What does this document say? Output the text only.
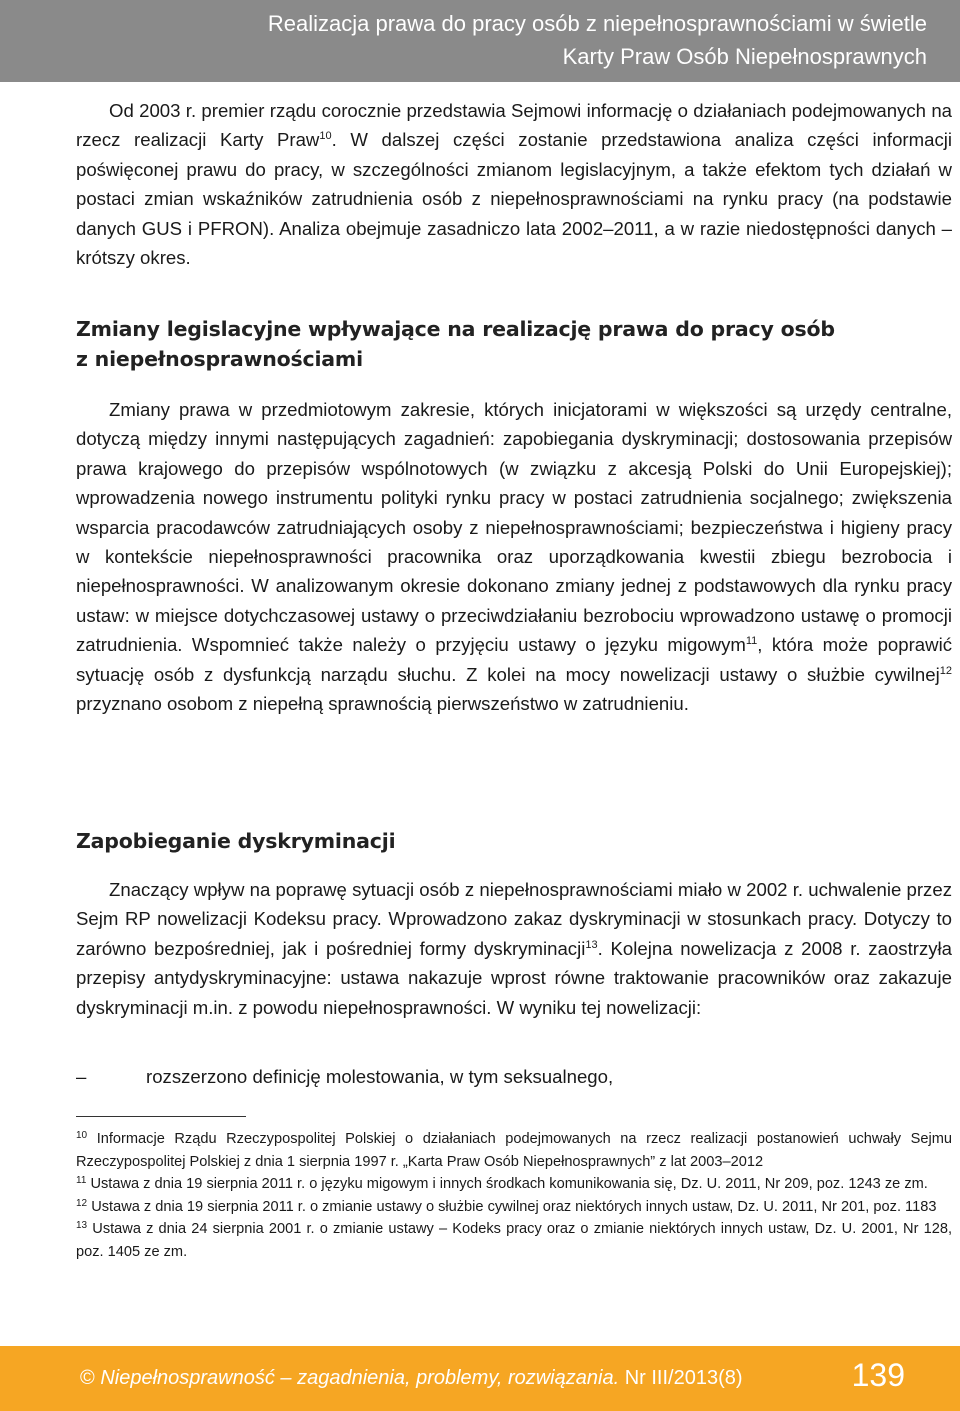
Realizacja prawa do pracy osób z niepełnosprawnościami w świetle
Karty Praw Osób Niepełnosprawnych

Od 2003 r. premier rządu corocznie przedstawia Sejmowi informację o działaniach podejmowanych na rzecz realizacji Karty Praw$^{10}$. W dalszej części zostanie przedstawiona analiza części informacji poświęconej prawu do pracy, w szczególności zmianom legislacyjnym, a także efektom tych działań w postaci zmian wskaźników zatrudnienia osób z niepełnosprawnościami na rynku pracy (na podstawie danych GUS i PFRON). Analiza obejmuje zasadniczo lata 2002–2011, a w razie niedostępności danych – krótszy okres.

Zmiany legislacyjne wpływające na realizację prawa do pracy osób
z niepełnosprawnościami

Zmiany prawa w przedmiotowym zakresie, których inicjatorami w większości są urzędy centralne, dotyczą między innymi następujących zagadnień: zapobiegania dyskryminacji; dostosowania przepisów prawa krajowego do przepisów wspólnotowych (w związku z akcesją Polski do Unii Europejskiej); wprowadzenia nowego instrumentu polityki rynku pracy w postaci zatrudnienia socjalnego; zwiększenia wsparcia pracodawców zatrudniających osoby z niepełnosprawnościami; bezpieczeństwa i higieny pracy w kontekście niepełnosprawności pracownika oraz uporządkowania kwestii zbiegu bezrobocia i niepełnosprawności. W analizowanym okresie dokonano zmiany jednej z podstawowych dla rynku pracy ustaw: w miejsce dotychczasowej ustawy o przeciwdziałaniu bezrobociu wprowadzono ustawę o promocji zatrudnienia. Wspomnieć także należy o przyjęciu ustawy o języku migowym$^{11}$, która może poprawić sytuację osób z dysfunkcją narządu słuchu. Z kolei na mocy nowelizacji ustawy o służbie cywilnej$^{12}$ przyznano osobom z niepełną sprawnością pierwszeństwo w zatrudnieniu.

Zapobieganie dyskryminacji

Znaczący wpływ na poprawę sytuacji osób z niepełnosprawnościami miało w 2002 r. uchwalenie przez Sejm RP nowelizacji Kodeksu pracy. Wprowadzono zakaz dyskryminacji w stosunkach pracy. Dotyczy to zarówno bezpośredniej, jak i pośredniej formy dyskryminacji$^{13}$. Kolejna nowelizacja z 2008 r. zaostrzyła przepisy antydyskryminacyjne: ustawa nakazuje wprost równe traktowanie pracowników oraz zakazuje dyskryminacji m.in. z powodu niepełnosprawności. W wyniku tej nowelizacji:

–	rozszerzono definicję molestowania, w tym seksualnego,
$^{10}$ Informacje Rządu Rzeczypospolitej Polskiej o działaniach podejmowanych na rzecz realizacji postanowień uchwały Sejmu Rzeczypospolitej Polskiej z dnia 1 sierpnia 1997 r. „Karta Praw Osób Niepełnosprawnych” z lat 2003–2012
$^{11}$ Ustawa z dnia 19 sierpnia 2011 r. o języku migowym i innych środkach komunikowania się, Dz. U. 2011, Nr 209, poz. 1243 ze zm.
$^{12}$ Ustawa z dnia 19 sierpnia 2011 r. o zmianie ustawy o służbie cywilnej oraz niektórych innych ustaw, Dz. U. 2011, Nr 201, poz. 1183
$^{13}$ Ustawa z dnia 24 sierpnia 2001 r. o zmianie ustawy – Kodeks pracy oraz o zmianie niektórych innych ustaw, Dz. U. 2001, Nr 128, poz. 1405 ze zm.
© Niepełnosprawność – zagadnienia, problemy, rozwiązania. Nr III/2013(8)	139
